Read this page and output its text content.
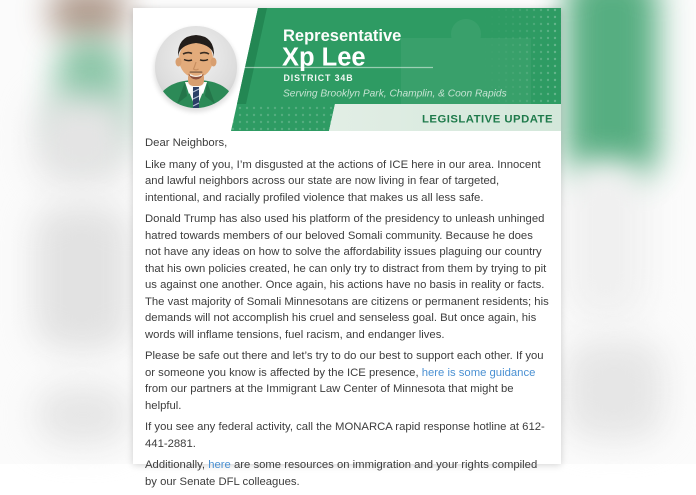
Representative
Xp Lee
DISTRICT 34B
Serving Brooklyn Park, Champlin, & Coon Rapids
LEGISLATIVE UPDATE

Dear Neighbors,

Like many of you, I’m disgusted at the actions of ICE here in our area. Innocent and lawful neighbors across our state are now living in fear of targeted, intentional, and racially profiled violence that makes us all less safe.

Donald Trump has also used his platform of the presidency to unleash unhinged hatred towards members of our beloved Somali community. Because he does not have any ideas on how to solve the affordability issues plaguing our country that his own policies created, he can only try to distract from them by trying to pit us against one another. Once again, his actions have no basis in reality or facts. The vast majority of Somali Minnesotans are citizens or permanent residents; his demands will not accomplish his cruel and senseless goal. But once again, his words will inflame tensions, fuel racism, and endanger lives.

Please be safe out there and let’s try to do our best to support each other. If you or someone you know is affected by the ICE presence, here is some guidance from our partners at the Immigrant Law Center of Minnesota that might be helpful.

If you see any federal activity, call the MONARCA rapid response hotline at 612-441-2881.

Additionally, here are some resources on immigration and your rights compiled by our Senate DFL colleagues.
